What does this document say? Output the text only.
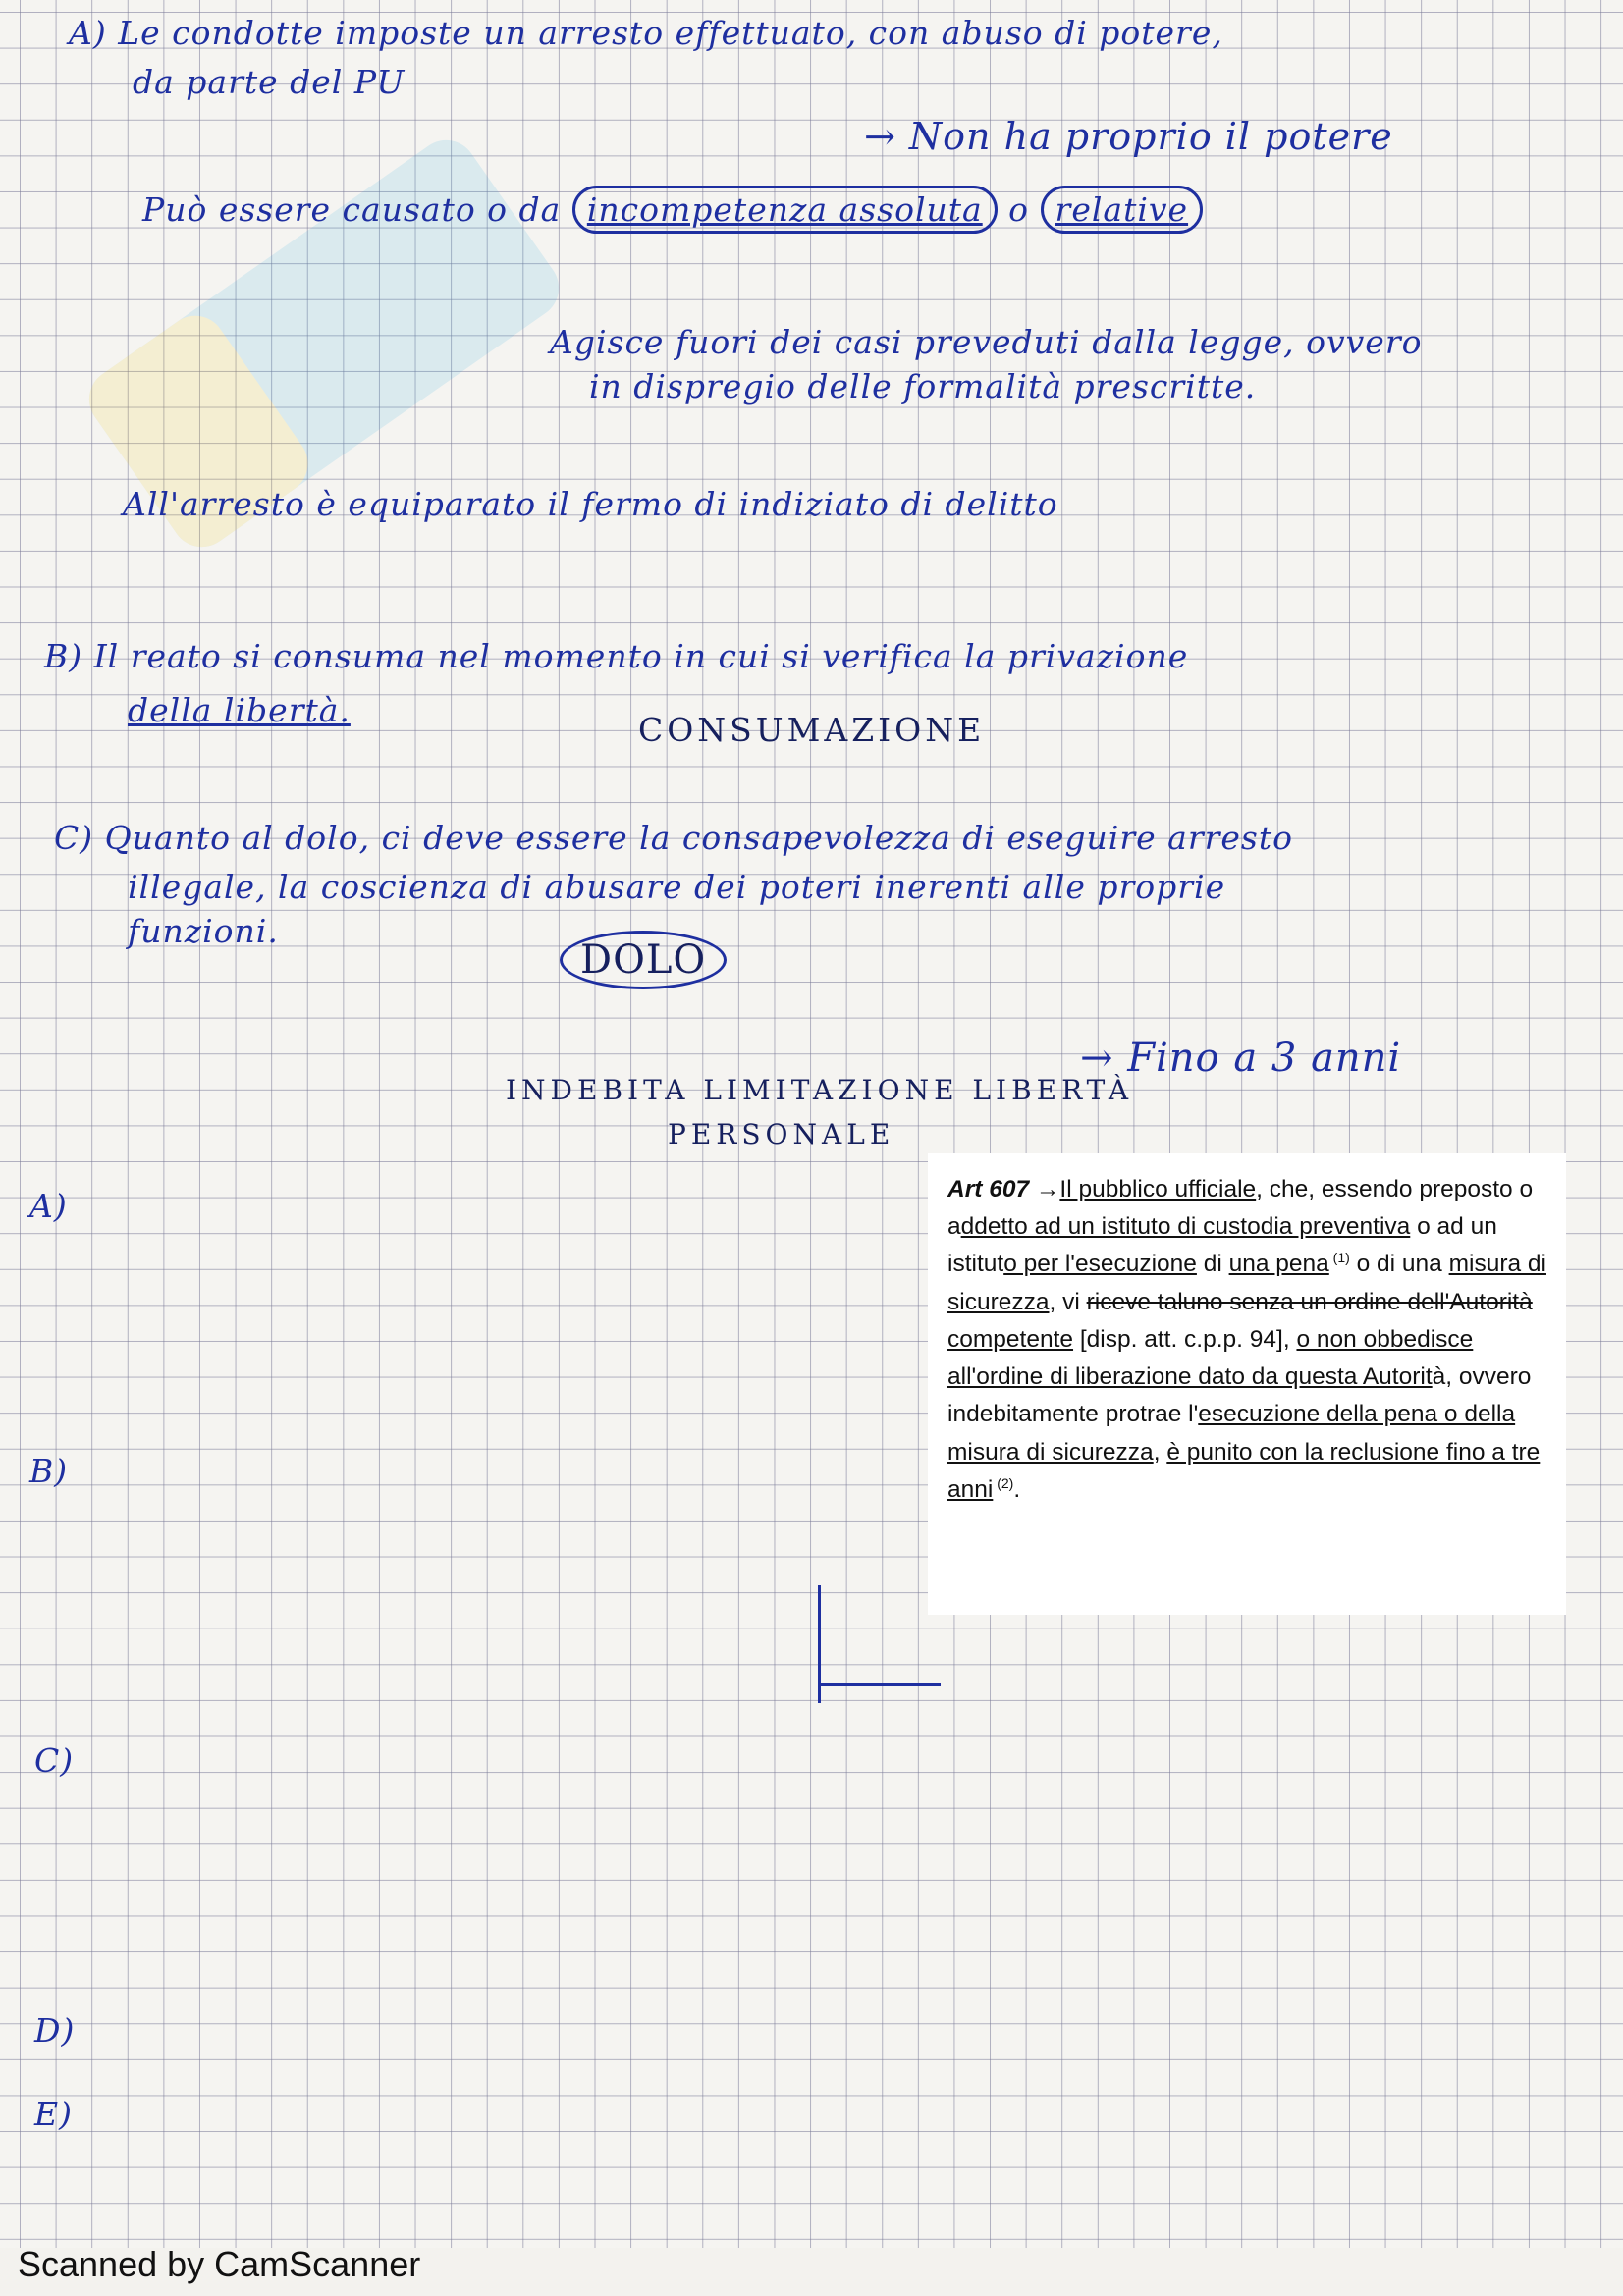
A) Le condotte imposte un arresto effettuato, con abuso di potere,
da parte del PU
→ Non ha proprio il potere
Può essere causato o da incompetenza assoluta o relative
Agisce fuori dei casi preveduti dalla legge, ovvero
in dispregio delle formalità prescritte.
All'arresto è equiparato il fermo di indiziato di delitto
B) Il reato si consuma nel momento in cui si verifica la privazione
della libertà.
CONSUMAZIONE
C) Quanto al dolo, ci deve essere la consapevolezza di eseguire arresto
illegale, la coscienza di abusare dei poteri inerenti alle proprie
funzioni.
DOLO
→ Fino a 3 anni
INDEBITA LIMITAZIONE LIBERTÀ
PERSONALE
A)
B)
C)
D)
E)
Art 607 →Il pubblico ufficiale, che, essendo preposto o addetto ad un istituto di custodia preventiva o ad un istituto per l'esecuzione di una pena $^{(1)}$ o di una misura di sicurezza, vi riceve taluno senza un ordine dell'Autorità competente [disp. att. c.p.p. 94], o non obbedisce all'ordine di liberazione dato da questa Autorità, ovvero indebitamente protrae l'esecuzione della pena o della misura di sicurezza, è punito con la reclusione fino a tre anni $^{(2)}$.
Scanned by CamScanner
